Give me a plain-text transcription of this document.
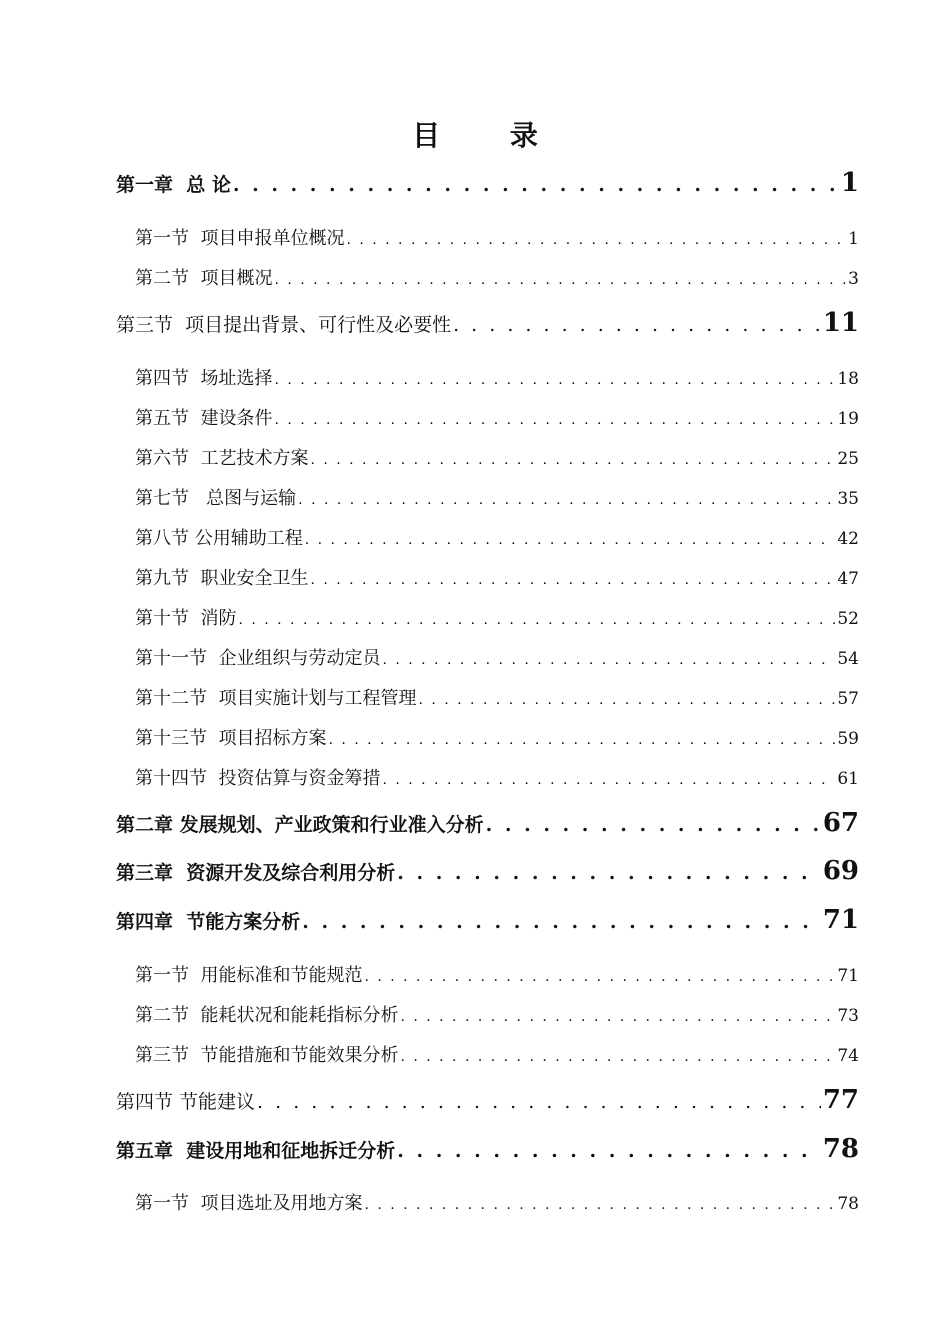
目 录
第一章  总 论 . . .	1
第一节  项目申报单位概况 . . .	1
第二节  项目概况 . . .	3
第三节  项目提出背景、可行性及必要性 . . .	11
第四节  场址选择 . . .	18
第五节  建设条件 . . .	19
第六节  工艺技术方案 . . .	25
第七节   总图与运输 . . .	35
第八节 公用辅助工程 . . .	42
第九节  职业安全卫生 . . .	47
第十节  消防 . . .	52
第十一节  企业组织与劳动定员 . . .	54
第十二节  项目实施计划与工程管理 . . .	57
第十三节  项目招标方案 . . .	59
第十四节  投资估算与资金筹措 . . .	61
第二章 发展规划、产业政策和行业准入分析 . . .	67
第三章  资源开发及综合利用分析 . . .	69
第四章  节能方案分析 . . .	71
第一节  用能标准和节能规范 . . .	71
第二节  能耗状况和能耗指标分析 . . .	73
第三节  节能措施和节能效果分析 . . .	74
第四节 节能建议 . . .	77
第五章  建设用地和征地拆迁分析 . . .	78
第一节  项目选址及用地方案 . . .	78
